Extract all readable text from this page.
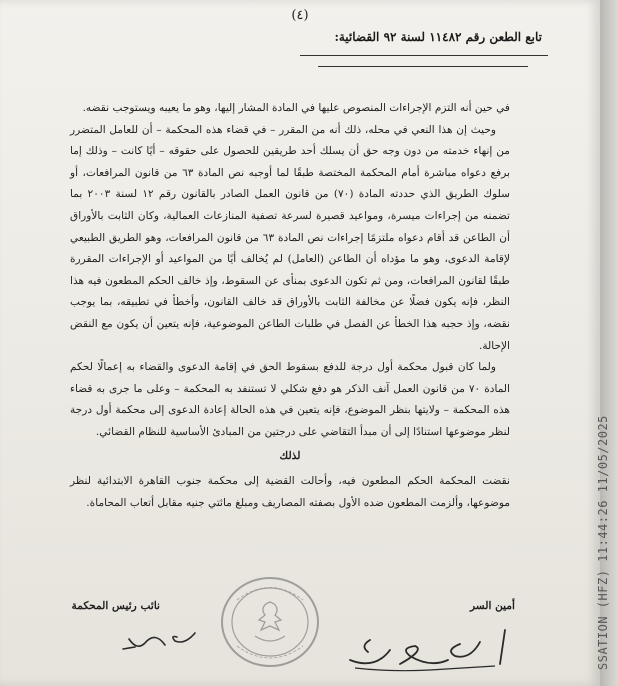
(٤)
تابع الطعن رقم ١١٤٨٢ لسنة ٩٢ القضائية:

في حين أنه التزم الإجراءات المنصوص عليها في المادة المشار إليها، وهو ما يعيبه ويستوجب نقضه.

وحيث إن هذا النعي في محله، ذلك أنه من المقرر – في قضاء هذه المحكمة – أن للعامل المتضرر من إنهاء خدمته من دون وجه حق أن يسلك أحد طريقين للحصول على حقوقه – أيًا كانت – وذلك إما برفع دعواه مباشرة أمام المحكمة المختصة طبقًا لما أوجبه نص المادة ٦٣ من قانون المرافعات، أو سلوك الطريق الذي حددته المادة (٧٠) من قانون العمل الصادر بالقانون رقم ١٢ لسنة ٢٠٠٣ بما تضمنه من إجراءات ميسرة، ومواعيد قصيرة لسرعة تصفية المنازعات العمالية، وكان الثابت بالأوراق أن الطاعن قد أقام دعواه ملتزمًا إجراءات نص المادة ٦٣ من قانون المرافعات، وهو الطريق الطبيعي لإقامة الدعوى، وهو ما مؤداه أن الطاعن (العامل) لم يُخالف أيًا من المواعيد أو الإجراءات المقررة طبقًا لقانون المرافعات، ومن ثم تكون الدعوى بمنأى عن السقوط، وإذ خالف الحكم المطعون فيه هذا النظر، فإنه يكون فضلًا عن مخالفة الثابت بالأوراق قد خالف القانون، وأخطأ في تطبيقه، بما يوجب نقضه، وإذ حجبه هذا الخطأ عن الفصل في طلبات الطاعن الموضوعية، فإنه يتعين أن يكون مع النقض الإحالة.

ولما كان قبول محكمة أول درجة للدفع بسقوط الحق في إقامة الدعوى والقضاء به إعمالًا لحكم المادة ٧٠ من قانون العمل آنف الذكر هو دفع شكلي لا تستنفد به المحكمة – وعلى ما جرى به قضاء هذه المحكمة – ولايتها بنظر الموضوع، فإنه يتعين في هذه الحالة إعادة الدعوى إلى محكمة أول درجة لنظر موضوعها استنادًا إلى أن مبدأ التقاضي على درجتين من المبادئ الأساسية للنظام القضائي.

لذلك

نقضت المحكمة الحكم المطعون فيه، وأحالت القضية إلى محكمة جنوب القاهرة الابتدائية لنظر موضوعها، وألزمت المطعون ضده الأول بصفته المصاريف ومبلغ مائتي جنيه مقابل أتعاب المحاماة.

أمين السر
نائب رئيس المحكمة	SSATION (HFZ) 11:44:26 11/05/2025
